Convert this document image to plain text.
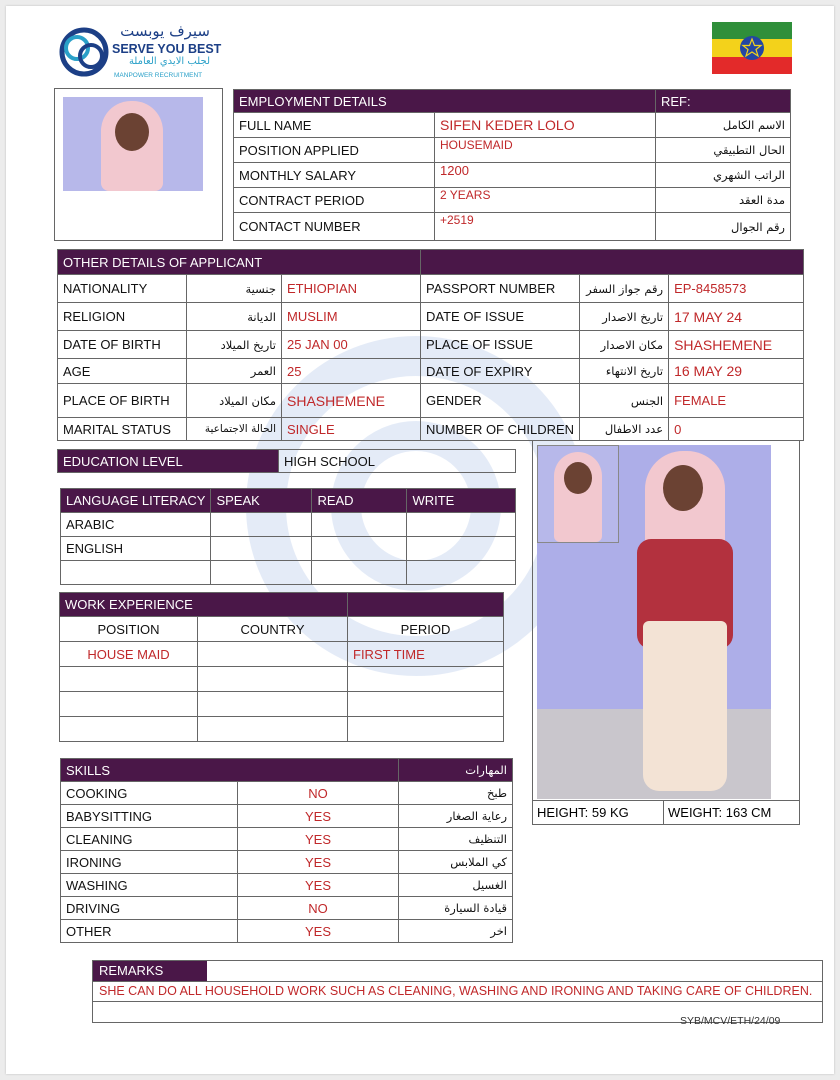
سيرف يوبست
SERVE YOU BEST
لجلب الايدي العاملة
MANPOWER RECRUITMENT
EMPLOYMENT DETAILS		REF:
FULL NAME	SIFEN KEDER LOLO	الاسم الكامل
POSITION APPLIED	HOUSEMAID	الحال التطبيقي
MONTHLY SALARY	1200	الراتب الشهري
CONTRACT PERIOD	2 YEARS	مدة العقد
CONTACT NUMBER	+2519	رقم الجوال
OTHER DETAILS OF APPLICANT					
NATIONALITY	جنسية	ETHIOPIAN	PASSPORT NUMBER	رقم جواز السفر	EP-8458573
RELIGION	الديانة	MUSLIM	DATE OF ISSUE	تاريخ الاصدار	17 MAY 24
DATE OF BIRTH	تاريخ الميلاد	25 JAN 00	PLACE OF ISSUE	مكان الاصدار	SHASHEMENE
AGE	العمر	25	DATE OF EXPIRY	تاريخ الانتهاء	16 MAY 29
PLACE OF BIRTH	مكان الميلاد	SHASHEMENE	GENDER	الجنس	FEMALE
MARITAL STATUS	الحالة الاجتماعية	SINGLE	NUMBER OF CHILDREN	عدد الاطفال	0
EDUCATION LEVEL	HIGH SCHOOL
LANGUAGE LITERACY	SPEAK	READ	WRITE
ARABIC			
ENGLISH			

WORK EXPERIENCE		
POSITION	COUNTRY	PERIOD
HOUSE MAID		FIRST TIME

SKILLS		المهارات
COOKING	NO	طبخ
BABYSITTING	YES	رعاية الصغار
CLEANING	YES	التنظيف
IRONING	YES	كي الملابس
WASHING	YES	الغسيل
DRIVING	NO	قيادة السيارة
OTHER	YES	اخر
HEIGHT: 59 KG	WEIGHT: 163 CM
REMARKS
SHE CAN DO ALL HOUSEHOLD WORK SUCH AS CLEANING, WASHING AND IRONING AND TAKING CARE OF CHILDREN.
SYB/MCV/ETH/24/09
